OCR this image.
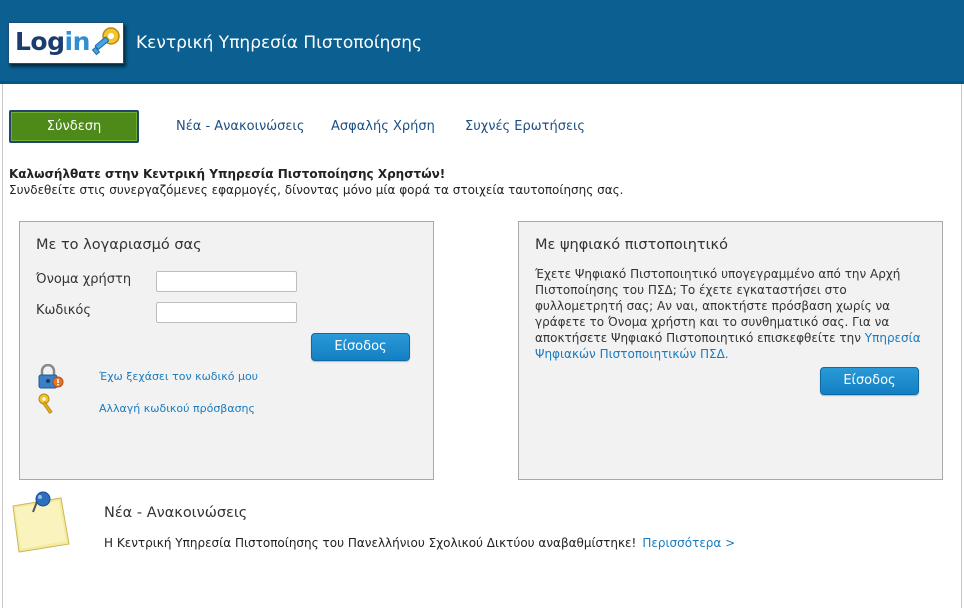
Login	Κεντρική Υπηρεσία Πιστοποίησης
Σύνδεση	Νέα - Ανακοινώσεις Ασφαλής Χρήση Συχνές Ερωτήσεις
Καλωσήλθατε στην Κεντρική Υπηρεσία Πιστοποίησης Χρηστών!
Συνδεθείτε στις συνεργαζόμενες εφαρμογές, δίνοντας μόνο μία φορά τα στοιχεία ταυτοποίησης σας.
Με το λογαριασμό σας
Όνομα χρήστη
Κωδικός
Είσοδος
Έχω ξεχάσει τον κωδικό μου
Αλλαγή κωδικού πρόσβασης
Με ψηφιακό πιστοποιητικό
Έχετε Ψηφιακό Πιστοποιητικό υπογεγραμμένο από την Αρχή Πιστοποίησης του ΠΣΔ; Το έχετε εγκαταστήσει στο φυλλομετρητή σας; Αν ναι, αποκτήστε πρόσβαση χωρίς να γράφετε το Όνομα χρήστη και το συνθηματικό σας. Για να αποκτήσετε Ψηφιακό Πιστοποιητικό επισκεφθείτε την Υπηρεσία Ψηφιακών Πιστοποιητικών ΠΣΔ.
Είσοδος
Νέα - Ανακοινώσεις
Η Κεντρική Υπηρεσία Πιστοποίησης του Πανελλήνιου Σχολικού Δικτύου αναβαθμίστηκε! Περισσότερα >
